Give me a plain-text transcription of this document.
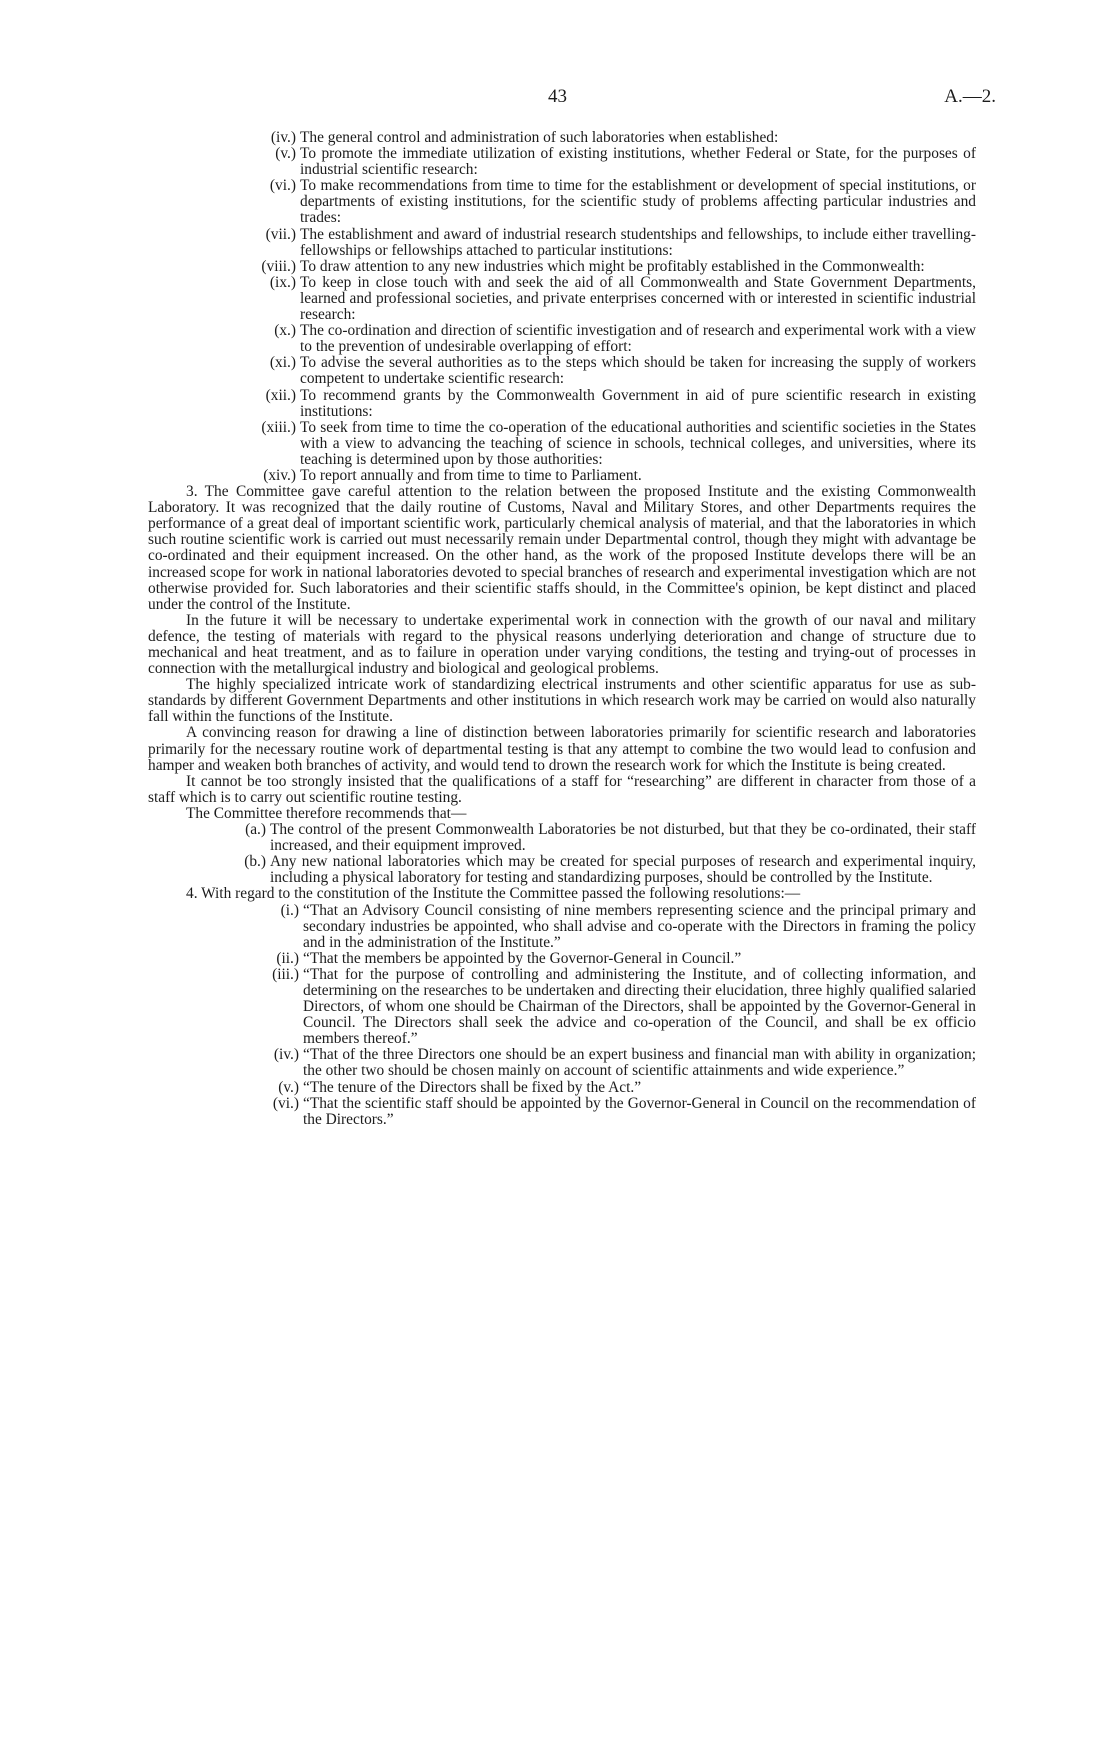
43	A.—2.
(iv.) The general control and administration of such laboratories when established:
(v.) To promote the immediate utilization of existing institutions, whether Federal or State, for the purposes of industrial scientific research:
(vi.) To make recommendations from time to time for the establishment or development of special institutions, or departments of existing institutions, for the scientific study of problems affecting particular industries and trades:
(vii.) The establishment and award of industrial research studentships and fellowships, to include either travelling-fellowships or fellowships attached to particular institutions:
(viii.) To draw attention to any new industries which might be profitably established in the Commonwealth:
(ix.) To keep in close touch with and seek the aid of all Commonwealth and State Government Departments, learned and professional societies, and private enterprises concerned with or interested in scientific industrial research:
(x.) The co-ordination and direction of scientific investigation and of research and experimental work with a view to the prevention of undesirable overlapping of effort:
(xi.) To advise the several authorities as to the steps which should be taken for increasing the supply of workers competent to undertake scientific research:
(xii.) To recommend grants by the Commonwealth Government in aid of pure scientific research in existing institutions:
(xiii.) To seek from time to time the co-operation of the educational authorities and scientific societies in the States with a view to advancing the teaching of science in schools, technical colleges, and universities, where its teaching is determined upon by those authorities:
(xiv.) To report annually and from time to time to Parliament.

3. The Committee gave careful attention to the relation between the proposed Institute and the existing Commonwealth Laboratory. It was recognized that the daily routine of Customs, Naval and Military Stores, and other Departments requires the performance of a great deal of important scientific work, particularly chemical analysis of material, and that the laboratories in which such routine scientific work is carried out must necessarily remain under Departmental control, though they might with advantage be co-ordinated and their equipment increased. On the other hand, as the work of the proposed Institute develops there will be an increased scope for work in national laboratories devoted to special branches of research and experimental investigation which are not otherwise provided for. Such laboratories and their scientific staffs should, in the Committee's opinion, be kept distinct and placed under the control of the Institute.

In the future it will be necessary to undertake experimental work in connection with the growth of our naval and military defence, the testing of materials with regard to the physical reasons underlying deterioration and change of structure due to mechanical and heat treatment, and as to failure in operation under varying conditions, the testing and trying-out of processes in connection with the metallurgical industry and biological and geological problems.

The highly specialized intricate work of standardizing electrical instruments and other scientific apparatus for use as sub-standards by different Government Departments and other institutions in which research work may be carried on would also naturally fall within the functions of the Institute.

A convincing reason for drawing a line of distinction between laboratories primarily for scientific research and laboratories primarily for the necessary routine work of departmental testing is that any attempt to combine the two would lead to confusion and hamper and weaken both branches of activity, and would tend to drown the research work for which the Institute is being created.

It cannot be too strongly insisted that the qualifications of a staff for “researching” are different in character from those of a staff which is to carry out scientific routine testing.

The Committee therefore recommends that—

(a.) The control of the present Commonwealth Laboratories be not disturbed, but that they be co-ordinated, their staff increased, and their equipment improved.
(b.) Any new national laboratories which may be created for special purposes of research and experimental inquiry, including a physical laboratory for testing and standardizing purposes, should be controlled by the Institute.

4. With regard to the constitution of the Institute the Committee passed the following resolutions:—

(i.) “That an Advisory Council consisting of nine members representing science and the principal primary and secondary industries be appointed, who shall advise and co-operate with the Directors in framing the policy and in the administration of the Institute.”
(ii.) “That the members be appointed by the Governor-General in Council.”
(iii.) “That for the purpose of controlling and administering the Institute, and of collecting information, and determining on the researches to be undertaken and directing their elucidation, three highly qualified salaried Directors, of whom one should be Chairman of the Directors, shall be appointed by the Governor-General in Council. The Directors shall seek the advice and co-operation of the Council, and shall be ex officio members thereof.”
(iv.) “That of the three Directors one should be an expert business and financial man with ability in organization; the other two should be chosen mainly on account of scientific attainments and wide experience.”
(v.) “The tenure of the Directors shall be fixed by the Act.”
(vi.) “That the scientific staff should be appointed by the Governor-General in Council on the recommendation of the Directors.”
